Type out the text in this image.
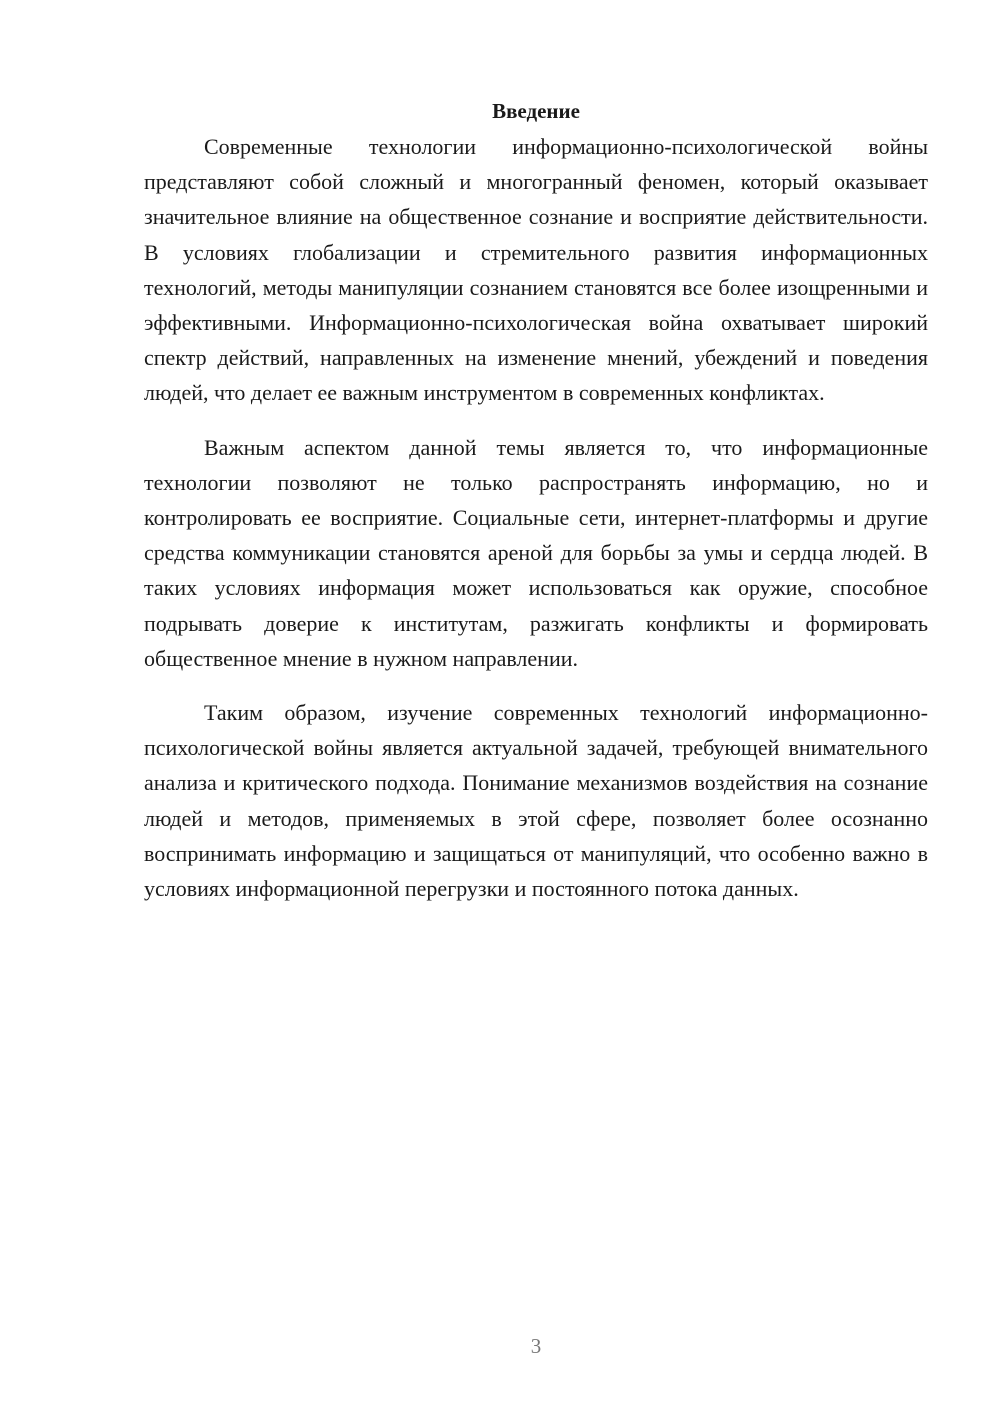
Введение

Современные технологии информационно-психологической войны представляют собой сложный и многогранный феномен, который оказывает значительное влияние на общественное сознание и восприятие действительности. В условиях глобализации и стремительного развития информационных технологий, методы манипуляции сознанием становятся все более изощренными и эффективными. Информационно-психологическая война охватывает широкий спектр действий, направленных на изменение мнений, убеждений и поведения людей, что делает ее важным инструментом в современных конфликтах.

Важным аспектом данной темы является то, что информационные технологии позволяют не только распространять информацию, но и контролировать ее восприятие. Социальные сети, интернет-платформы и другие средства коммуникации становятся ареной для борьбы за умы и сердца людей. В таких условиях информация может использоваться как оружие, способное подрывать доверие к институтам, разжигать конфликты и формировать общественное мнение в нужном направлении.

Таким образом, изучение современных технологий информационно-психологической войны является актуальной задачей, требующей внимательного анализа и критического подхода. Понимание механизмов воздействия на сознание людей и методов, применяемых в этой сфере, позволяет более осознанно воспринимать информацию и защищаться от манипуляций, что особенно важно в условиях информационной перегрузки и постоянного потока данных.

3
